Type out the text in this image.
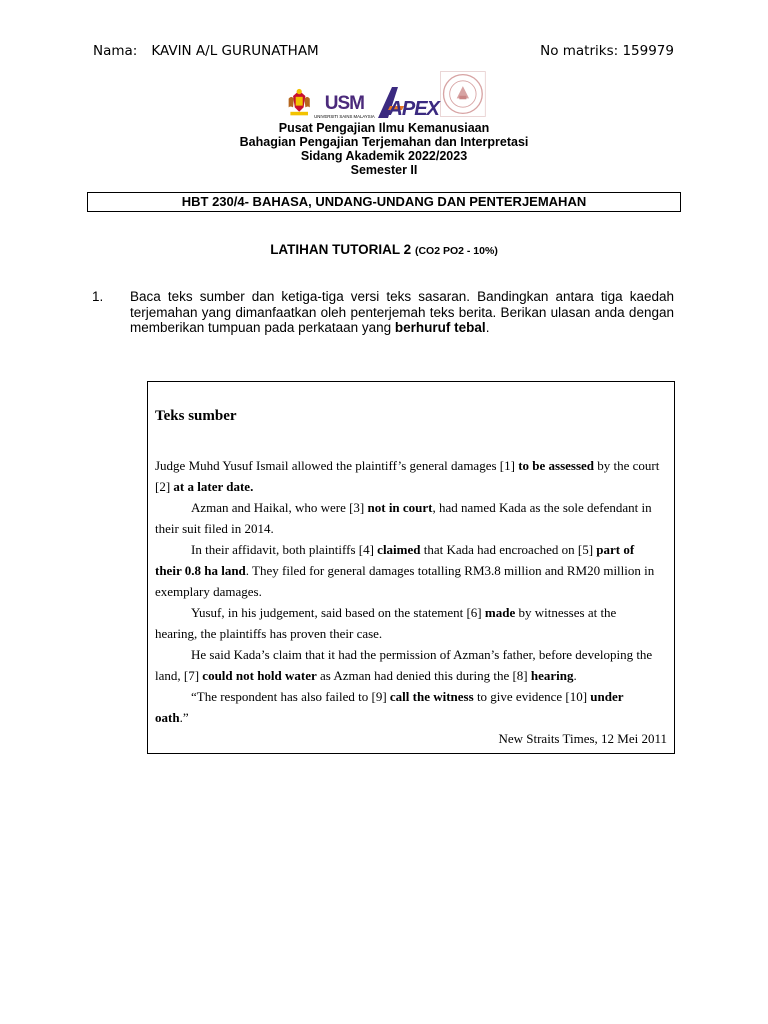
Nama: KAVIN A/L GURUNATHAM	No matriks: 159979
USM
UNIVERSITI SAINS MALAYSIA APEX
Pusat Pengajian Ilmu Kemanusiaan
Bahagian Pengajian Terjemahan dan Interpretasi
Sidang Akademik 2022/2023
Semester II
HBT 230/4- BAHASA, UNDANG-UNDANG DAN PENTERJEMAHAN
LATIHAN TUTORIAL 2 (CO2 PO2 - 10%)
1. Baca teks sumber dan ketiga-tiga versi teks sasaran. Bandingkan antara tiga kaedah terjemahan yang dimanfaatkan oleh penterjemah teks berita. Berikan ulasan anda dengan memberikan tumpuan pada perkataan yang berhuruf tebal.
Teks sumber

Judge Muhd Yusuf Ismail allowed the plaintiff’s general damages [1] to be assessed by the court [2] at a later date.

Azman and Haikal, who were [3] not in court, had named Kada as the sole defendant in their suit filed in 2014.

In their affidavit, both plaintiffs [4] claimed that Kada had encroached on [5] part of their 0.8 ha land. They filed for general damages totalling RM3.8 million and RM20 million in exemplary damages.

Yusuf, in his judgement, said based on the statement [6] made by witnesses at the hearing, the plaintiffs has proven their case.

He said Kada’s claim that it had the permission of Azman’s father, before developing the land, [7] could not hold water as Azman had denied this during the [8] hearing.

“The respondent has also failed to [9] call the witness to give evidence [10] under oath.”

New Straits Times, 12 Mei 2011
